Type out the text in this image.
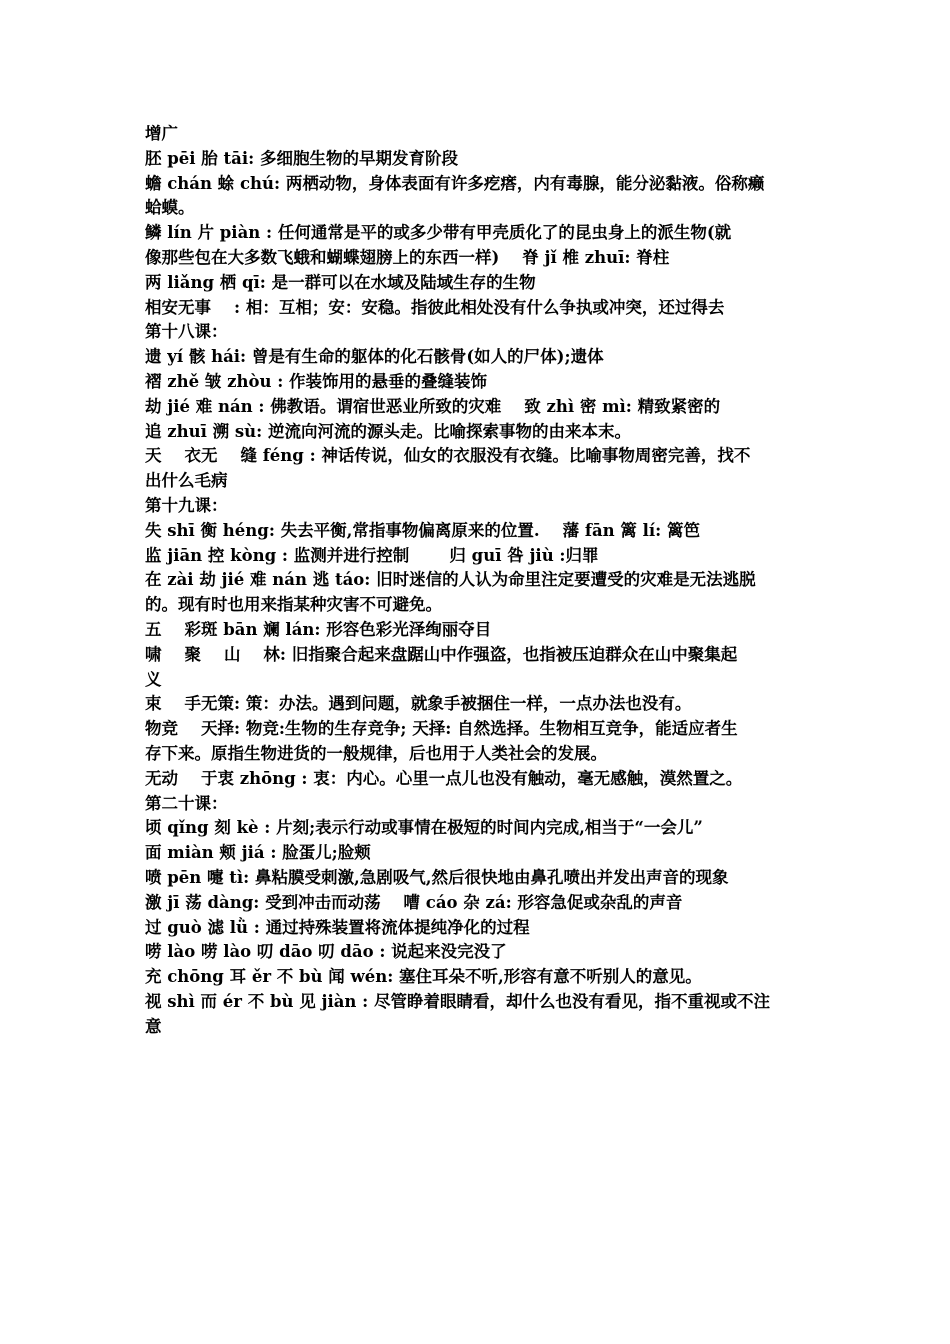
增广
胚 pēi 胎 tāi: 多细胞生物的早期发育阶段
蟾 chán 蜍 chú: 两栖动物，身体表面有许多疙瘩，内有毒腺，能分泌黏液。俗称癞
蛤蟆。
鳞 lín 片 piàn : 任何通常是平的或多少带有甲壳质化了的昆虫身上的派生物(就
像那些包在大多数飞蛾和蝴蝶翅膀上的东西一样)    脊 jǐ 椎 zhuī: 脊柱
两 liǎng 栖 qī: 是一群可以在水域及陆域生存的生物
相安无事    : 相：互相；安：安稳。指彼此相处没有什么争执或冲突，还过得去
第十八课：
遗 yí 骸 hái: 曾是有生命的躯体的化石骸骨(如人的尸体);遗体
褶 zhě 皱 zhòu : 作装饰用的悬垂的叠缝装饰
劫 jié 难 nán : 佛教语。谓宿世恶业所致的灾难    致 zhì 密 mì: 精致紧密的
追 zhuī 溯 sù: 逆流向河流的源头走。比喻探索事物的由来本末。
天    衣无    缝 féng : 神话传说，仙女的衣服没有衣缝。比喻事物周密完善，找不
出什么毛病
第十九课：
失 shī 衡 héng: 失去平衡,常指事物偏离原来的位置.    藩 fān 篱 lí: 篱笆
监 jiān 控 kòng : 监测并进行控制       归 guī 咎 jiù :归罪
在 zài 劫 jié 难 nán 逃 táo: 旧时迷信的人认为命里注定要遭受的灾难是无法逃脱
的。现有时也用来指某种灾害不可避免。
五    彩斑 bān 斓 lán: 形容色彩光泽绚丽夺目
啸    聚    山    林: 旧指聚合起来盘踞山中作强盗，也指被压迫群众在山中聚集起
义
束    手无策: 策：办法。遇到问题，就象手被捆住一样，一点办法也没有。
物竞    天择: 物竞:生物的生存竞争; 天择: 自然选择。生物相互竞争，能适应者生
存下来。原指生物进货的一般规律，后也用于人类社会的发展。
无动    于衷 zhōng : 衷：内心。心里一点儿也没有触动，毫无感触，漠然置之。
第二十课：
顷 qǐng 刻 kè : 片刻;表示行动或事情在极短的时间内完成,相当于“一会儿”
面 miàn 颊 jiá : 脸蛋儿;脸颊
喷 pēn 嚏 tì: 鼻粘膜受刺激,急剧吸气,然后很快地由鼻孔喷出并发出声音的现象
激 jī 荡 dàng: 受到冲击而动荡    嘈 cáo 杂 zá: 形容急促或杂乱的声音
过 guò 滤 lǜ : 通过持殊装置将流体提纯净化的过程
唠 lào 唠 lào 叨 dāo 叨 dāo : 说起来没完没了
充 chōng 耳 ěr 不 bù 闻 wén: 塞住耳朵不听,形容有意不听别人的意见。
视 shì 而 ér 不 bù 见 jiàn : 尽管睁着眼睛看，却什么也没有看见，指不重视或不注
意
